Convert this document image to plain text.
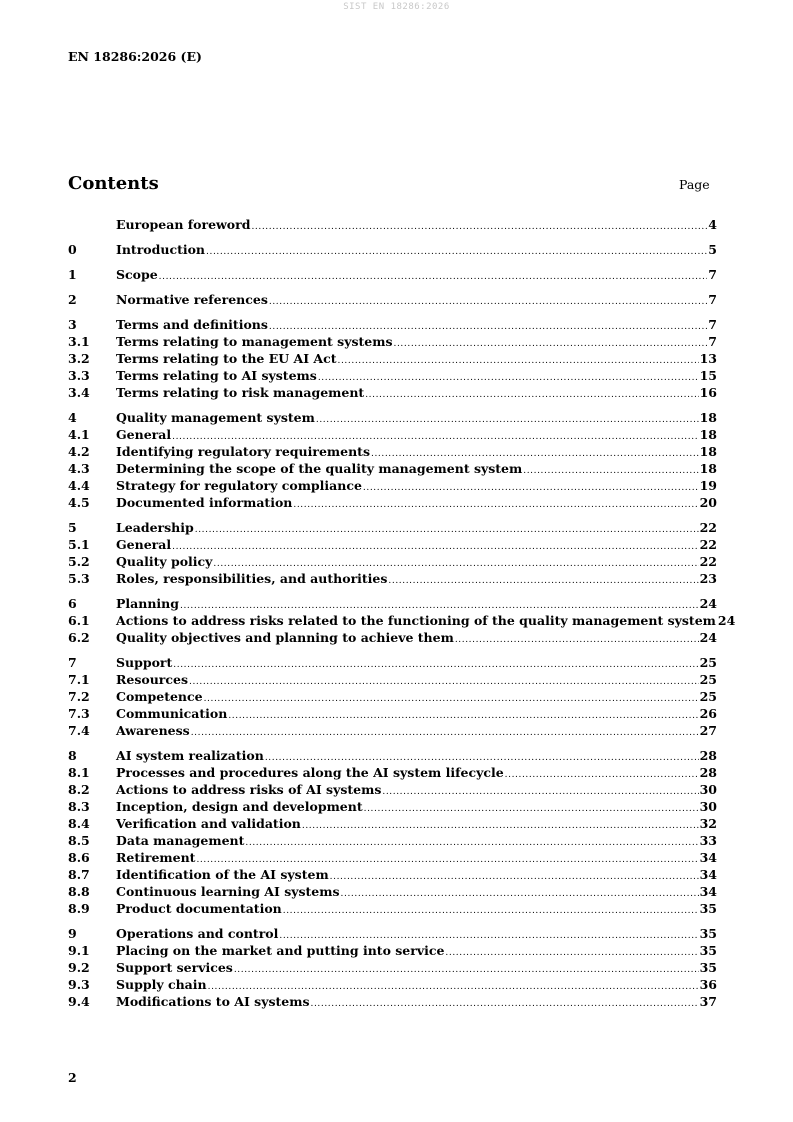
SIST EN 18286:2026
EN 18286:2026 (E)
Contents	Page
European foreword .....	4
0	Introduction .....	5
1	Scope .....	7
2	Normative references .....	7
3	Terms and definitions .....	7
3.1	Terms relating to management systems .....	7
3.2	Terms relating to the EU AI Act .....	13
3.3	Terms relating to AI systems .....	15
3.4	Terms relating to risk management .....	16
4	Quality management system .....	18
4.1	General .....	18
4.2	Identifying regulatory requirements .....	18
4.3	Determining the scope of the quality management system .....	18
4.4	Strategy for regulatory compliance .....	19
4.5	Documented information .....	20
5	Leadership .....	22
5.1	General .....	22
5.2	Quality policy .....	22
5.3	Roles, responsibilities, and authorities .....	23
6	Planning .....	24
6.1	Actions to address risks related to the functioning of the quality management system 24
6.2	Quality objectives and planning to achieve them .....	24
7	Support .....	25
7.1	Resources .....	25
7.2	Competence .....	25
7.3	Communication .....	26
7.4	Awareness .....	27
8	AI system realization .....	28
8.1	Processes and procedures along the AI system lifecycle .....	28
8.2	Actions to address risks of AI systems .....	30
8.3	Inception, design and development .....	30
8.4	Verification and validation .....	32
8.5	Data management .....	33
8.6	Retirement .....	34
8.7	Identification of the AI system .....	34
8.8	Continuous learning AI systems .....	34
8.9	Product documentation .....	35
9	Operations and control .....	35
9.1	Placing on the market and putting into service .....	35
9.2	Support services .....	35
9.3	Supply chain .....	36
9.4	Modifications to AI systems .....	37
2
